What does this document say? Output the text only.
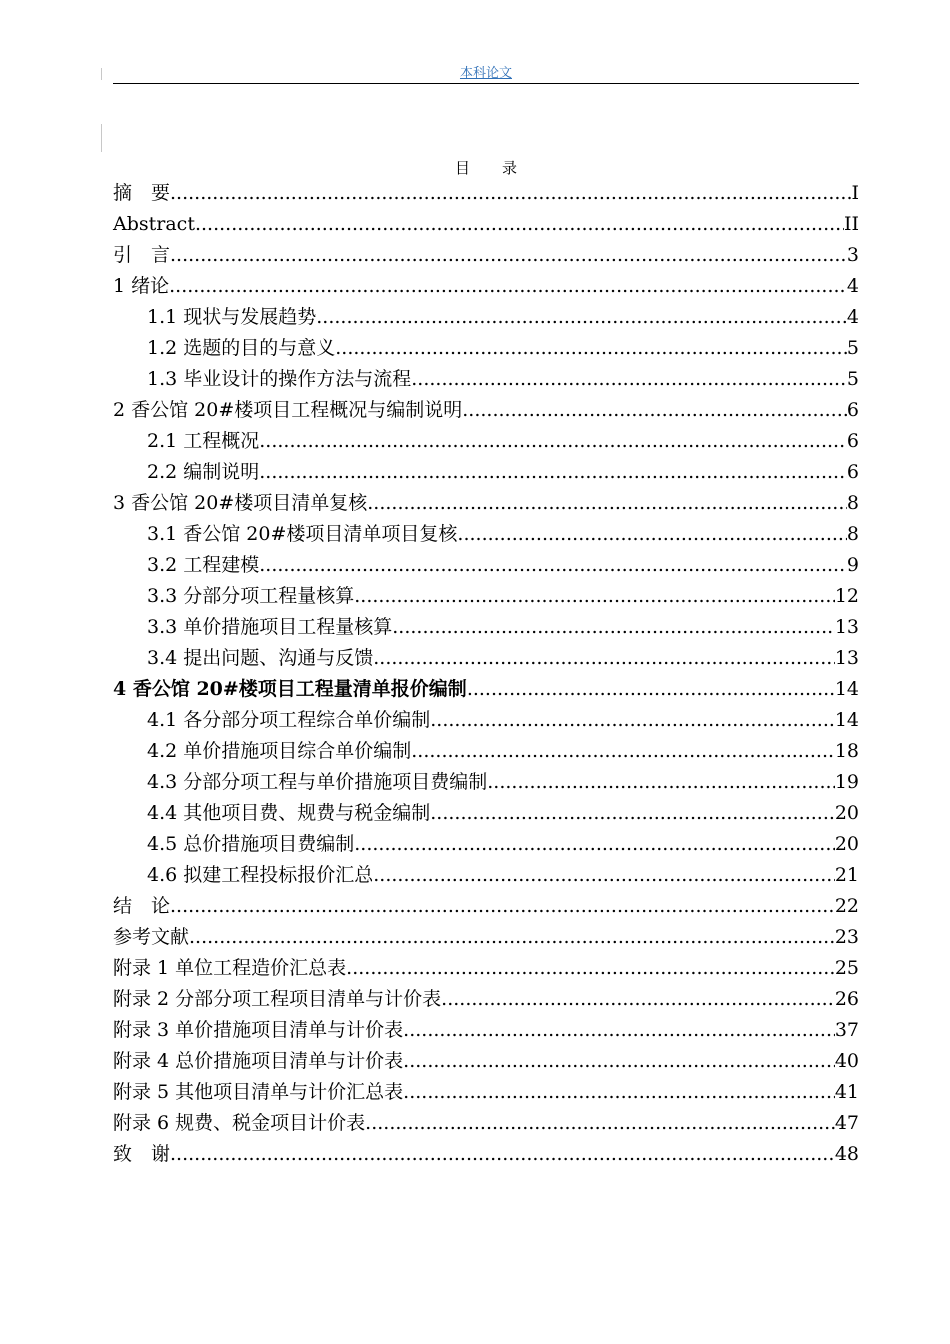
本科论文
目 录
摘　要 .....	I
Abstract .....	II
引　言 .....	3
1 绪论 .....	4
1.1 现状与发展趋势 .....	4
1.2 选题的目的与意义 .....	5
1.3 毕业设计的操作方法与流程 .....	5
2 香公馆 20#楼项目工程概况与编制说明 .....	6
2.1 工程概况 .....	6
2.2 编制说明 .....	6
3 香公馆 20#楼项目清单复核 .....	8
3.1 香公馆 20#楼项目清单项目复核 .....	8
3.2 工程建模 .....	9
3.3 分部分项工程量核算 .....	12
3.3 单价措施项目工程量核算 .....	13
3.4 提出问题、沟通与反馈 .....	13
4 香公馆 20#楼项目工程量清单报价编制 .....	14
4.1 各分部分项工程综合单价编制 .....	14
4.2 单价措施项目综合单价编制 .....	18
4.3 分部分项工程与单价措施项目费编制 .....	19
4.4 其他项目费、规费与税金编制 .....	20
4.5 总价措施项目费编制 .....	20
4.6 拟建工程投标报价汇总 .....	21
结　论 .....	22
参考文献 .....	23
附录 1 单位工程造价汇总表 .....	25
附录 2 分部分项工程项目清单与计价表 .....	26
附录 3 单价措施项目清单与计价表 .....	37
附录 4 总价措施项目清单与计价表 .....	40
附录 5 其他项目清单与计价汇总表 .....	41
附录 6 规费、税金项目计价表 .....	47
致　谢 .....	48
